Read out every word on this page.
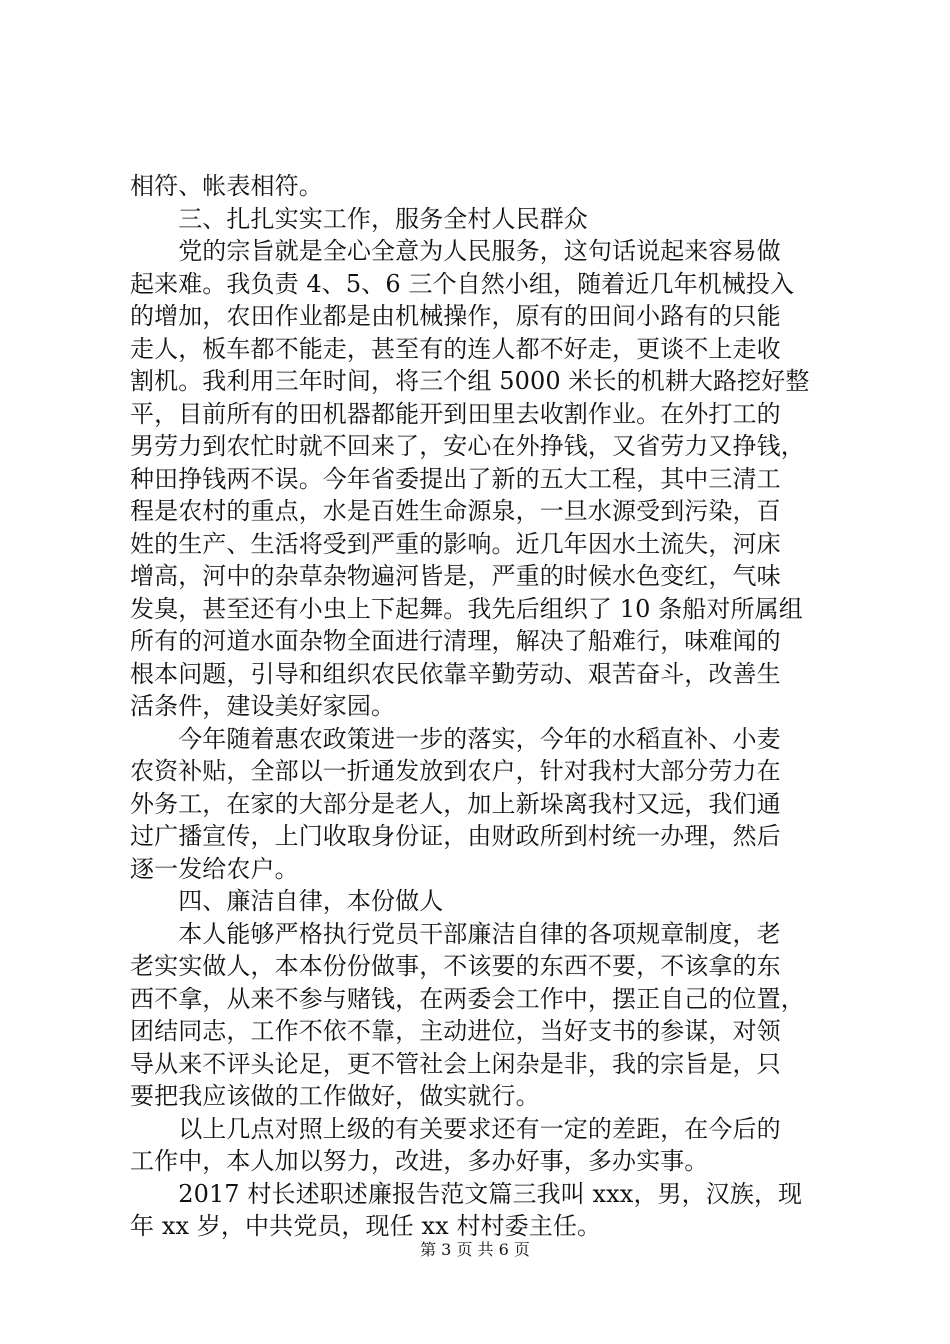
相符、帐表相符。
　　三、扎扎实实工作，服务全村人民群众
　　党的宗旨就是全心全意为人民服务，这句话说起来容易做
起来难。我负责 4、5、6 三个自然小组，随着近几年机械投入
的增加，农田作业都是由机械操作，原有的田间小路有的只能
走人，板车都不能走，甚至有的连人都不好走，更谈不上走收
割机。我利用三年时间，将三个组 5000 米长的机耕大路挖好整
平，目前所有的田机器都能开到田里去收割作业。在外打工的
男劳力到农忙时就不回来了，安心在外挣钱，又省劳力又挣钱，
种田挣钱两不误。今年省委提出了新的五大工程，其中三清工
程是农村的重点，水是百姓生命源泉，一旦水源受到污染，百
姓的生产、生活将受到严重的影响。近几年因水土流失，河床
增高，河中的杂草杂物遍河皆是，严重的时候水色变红，气味
发臭，甚至还有小虫上下起舞。我先后组织了 10 条船对所属组
所有的河道水面杂物全面进行清理，解决了船难行，味难闻的
根本问题，引导和组织农民依靠辛勤劳动、艰苦奋斗，改善生
活条件，建设美好家园。
　　今年随着惠农政策进一步的落实，今年的水稻直补、小麦
农资补贴，全部以一折通发放到农户，针对我村大部分劳力在
外务工，在家的大部分是老人，加上新垛离我村又远，我们通
过广播宣传，上门收取身份证，由财政所到村统一办理，然后
逐一发给农户。
　　四、廉洁自律，本份做人
　　本人能够严格执行党员干部廉洁自律的各项规章制度，老
老实实做人，本本份份做事，不该要的东西不要，不该拿的东
西不拿，从来不参与赌钱，在两委会工作中，摆正自己的位置，
团结同志，工作不依不靠，主动进位，当好支书的参谋，对领
导从来不评头论足，更不管社会上闲杂是非，我的宗旨是，只
要把我应该做的工作做好，做实就行。
　　以上几点对照上级的有关要求还有一定的差距，在今后的
工作中，本人加以努力，改进，多办好事，多办实事。
　　2017 村长述职述廉报告范文篇三我叫 xxx，男，汉族，现
年 xx 岁，中共党员，现任 xx 村村委主任。
第 3 页 共 6 页
